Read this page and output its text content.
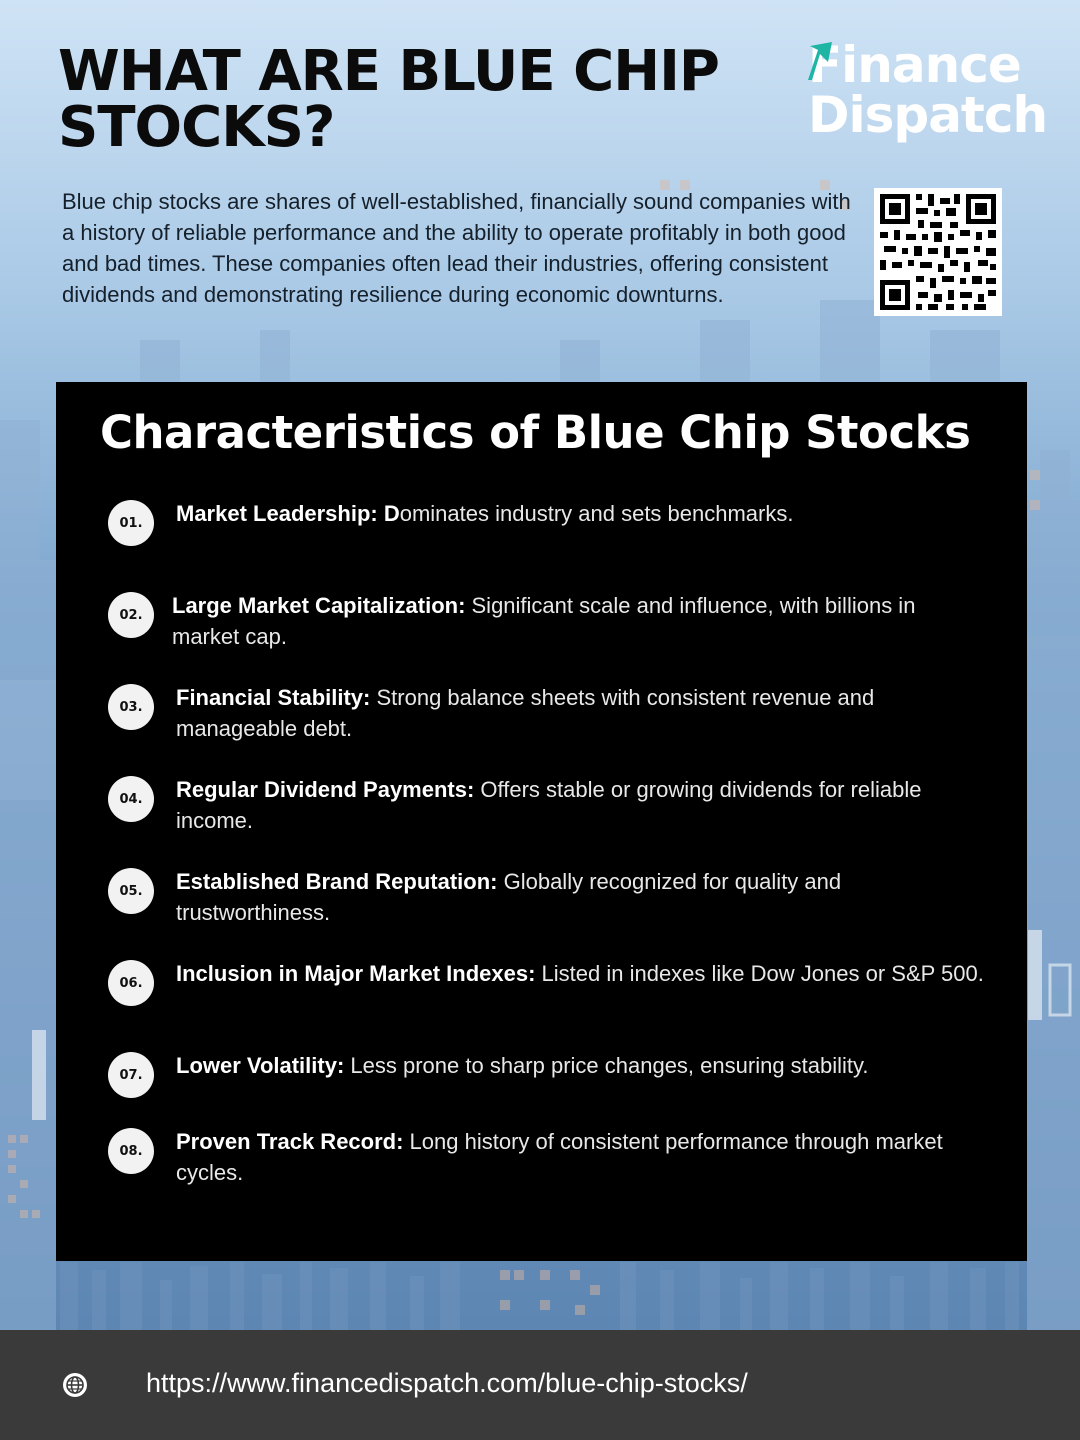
WHAT ARE BLUE CHIP
STOCKS?
Finance
Dispatch

Blue chip stocks are shares of well-established, financially sound companies with a history of reliable performance and the ability to operate profitably in both good and bad times. These companies often lead their industries, offering consistent dividends and demonstrating resilience during economic downturns.

Characteristics of Blue Chip Stocks
01.	Market Leadership: Dominates industry and sets benchmarks.

02.	Large Market Capitalization: Significant scale and influence, with billions in market cap.

03.	Financial Stability: Strong balance sheets with consistent revenue and manageable debt.

04.	Regular Dividend Payments: Offers stable or growing dividends for reliable income.

05.	Established Brand Reputation: Globally recognized for quality and trustworthiness.

06.	Inclusion in Major Market Indexes: Listed in indexes like Dow Jones or S&P 500.

07.	Lower Volatility: Less prone to sharp price changes, ensuring stability.

08.	Proven Track Record: Long history of consistent performance through market cycles.

https://www.financedispatch.com/blue-chip-stocks/
